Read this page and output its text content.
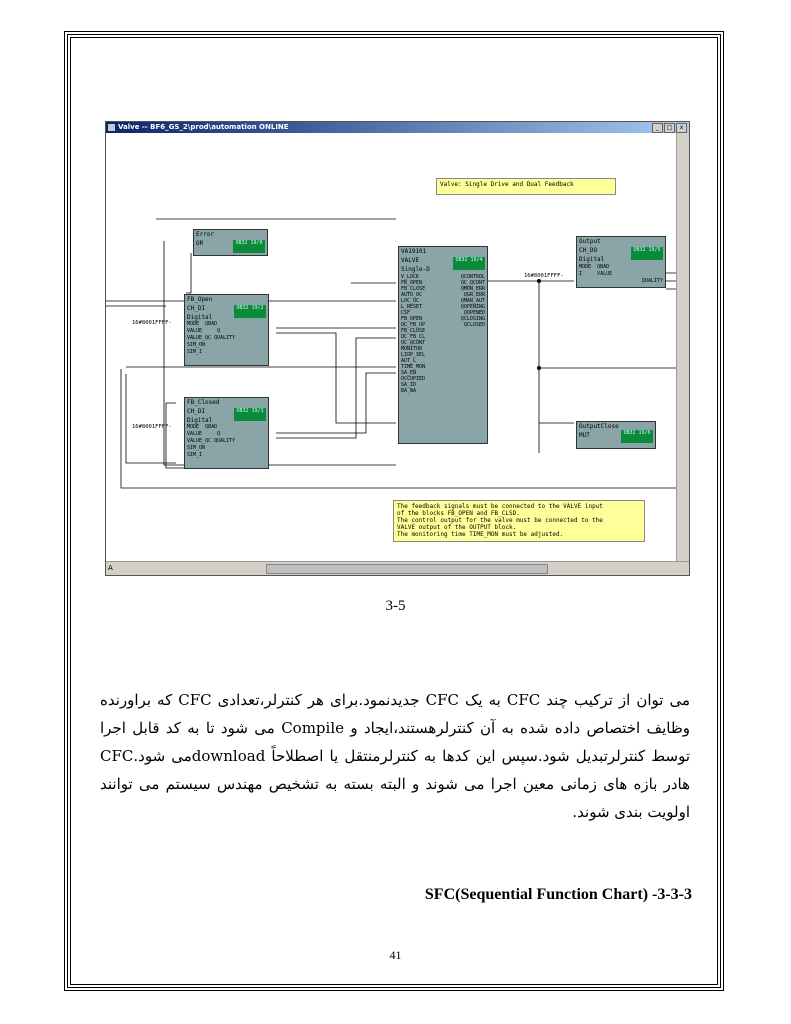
Valve -- BF6_GS_2\prod\automation ONLINE	_	□	x
Error
OR	OB32 19/0
FB_Open
CH_DI
Digital
OB32 19/2
MODE  QBAD
VALUE     Q
VALUE_QC QUALITY
SIM_ON
SIM_I
16#8001FFFF-
FB_Closed
CH_DI
Digital
OB32 19/3
MODE  QBAD
VALUE     Q
VALUE_QC QUALITY
SIM_ON
SIM_I
16#8001FFFF-
VA19101
VALVE
Single-D
OB32 19/4
V_LOCK
FB_OPEN
FB_CLOSE
AUTO_OC
LOC_OC
L_RESET
CSF
FB_OPEN
QC_FB_OP
FB_CLOSE
QC_FB_CL
QC_QCONT
MONITOR
LIOP_SEL
AUT_L
TIME_MON
SA_EN
OCCUPIED
SA_ID
BA_NA
QCONTROL
QC_QCONT
QMON_ERR
QGR_ERR
QMAN_AUT
QOPENING
QOPENED
QCLOSING
QCLOSED
Output
CH_DO
Digital
OB32 19/5
MODE  QBAD
I     VALUE
QUALITY
16#8001FFFF-
OutputClose
MUT	OB32 19/6
Valve: Single Drive and Dual Feedback
The feedback signals must be connected to the VALVE input
of the blocks FB_OPEN and FB_CLSD.
The control output for the valve must be connected to the
VALVE output of the OUTPUT block.
The monitoring time TIME_MON must be adjusted.
A
3-5

می توان از ترکیب چند CFC به یک CFC جدیدنمود.برای هر کنترلر،تعدادی CFC که براورنده وظایف اختصاص داده شده به آن کنترلرهستند،ایجاد و Compile می شود تا به کد قابل اجرا توسط کنترلرتبدیل شود.سپس این کدها به کنترلرمنتقل یا اصطلاحاً downloadمی شود.CFC هادر بازه های زمانی معین اجرا می شوند و البته بسته به تشخیص مهندس سیستم می توانند اولویت بندی شوند.

3-3-3- SFC(Sequential Function Chart)
41
